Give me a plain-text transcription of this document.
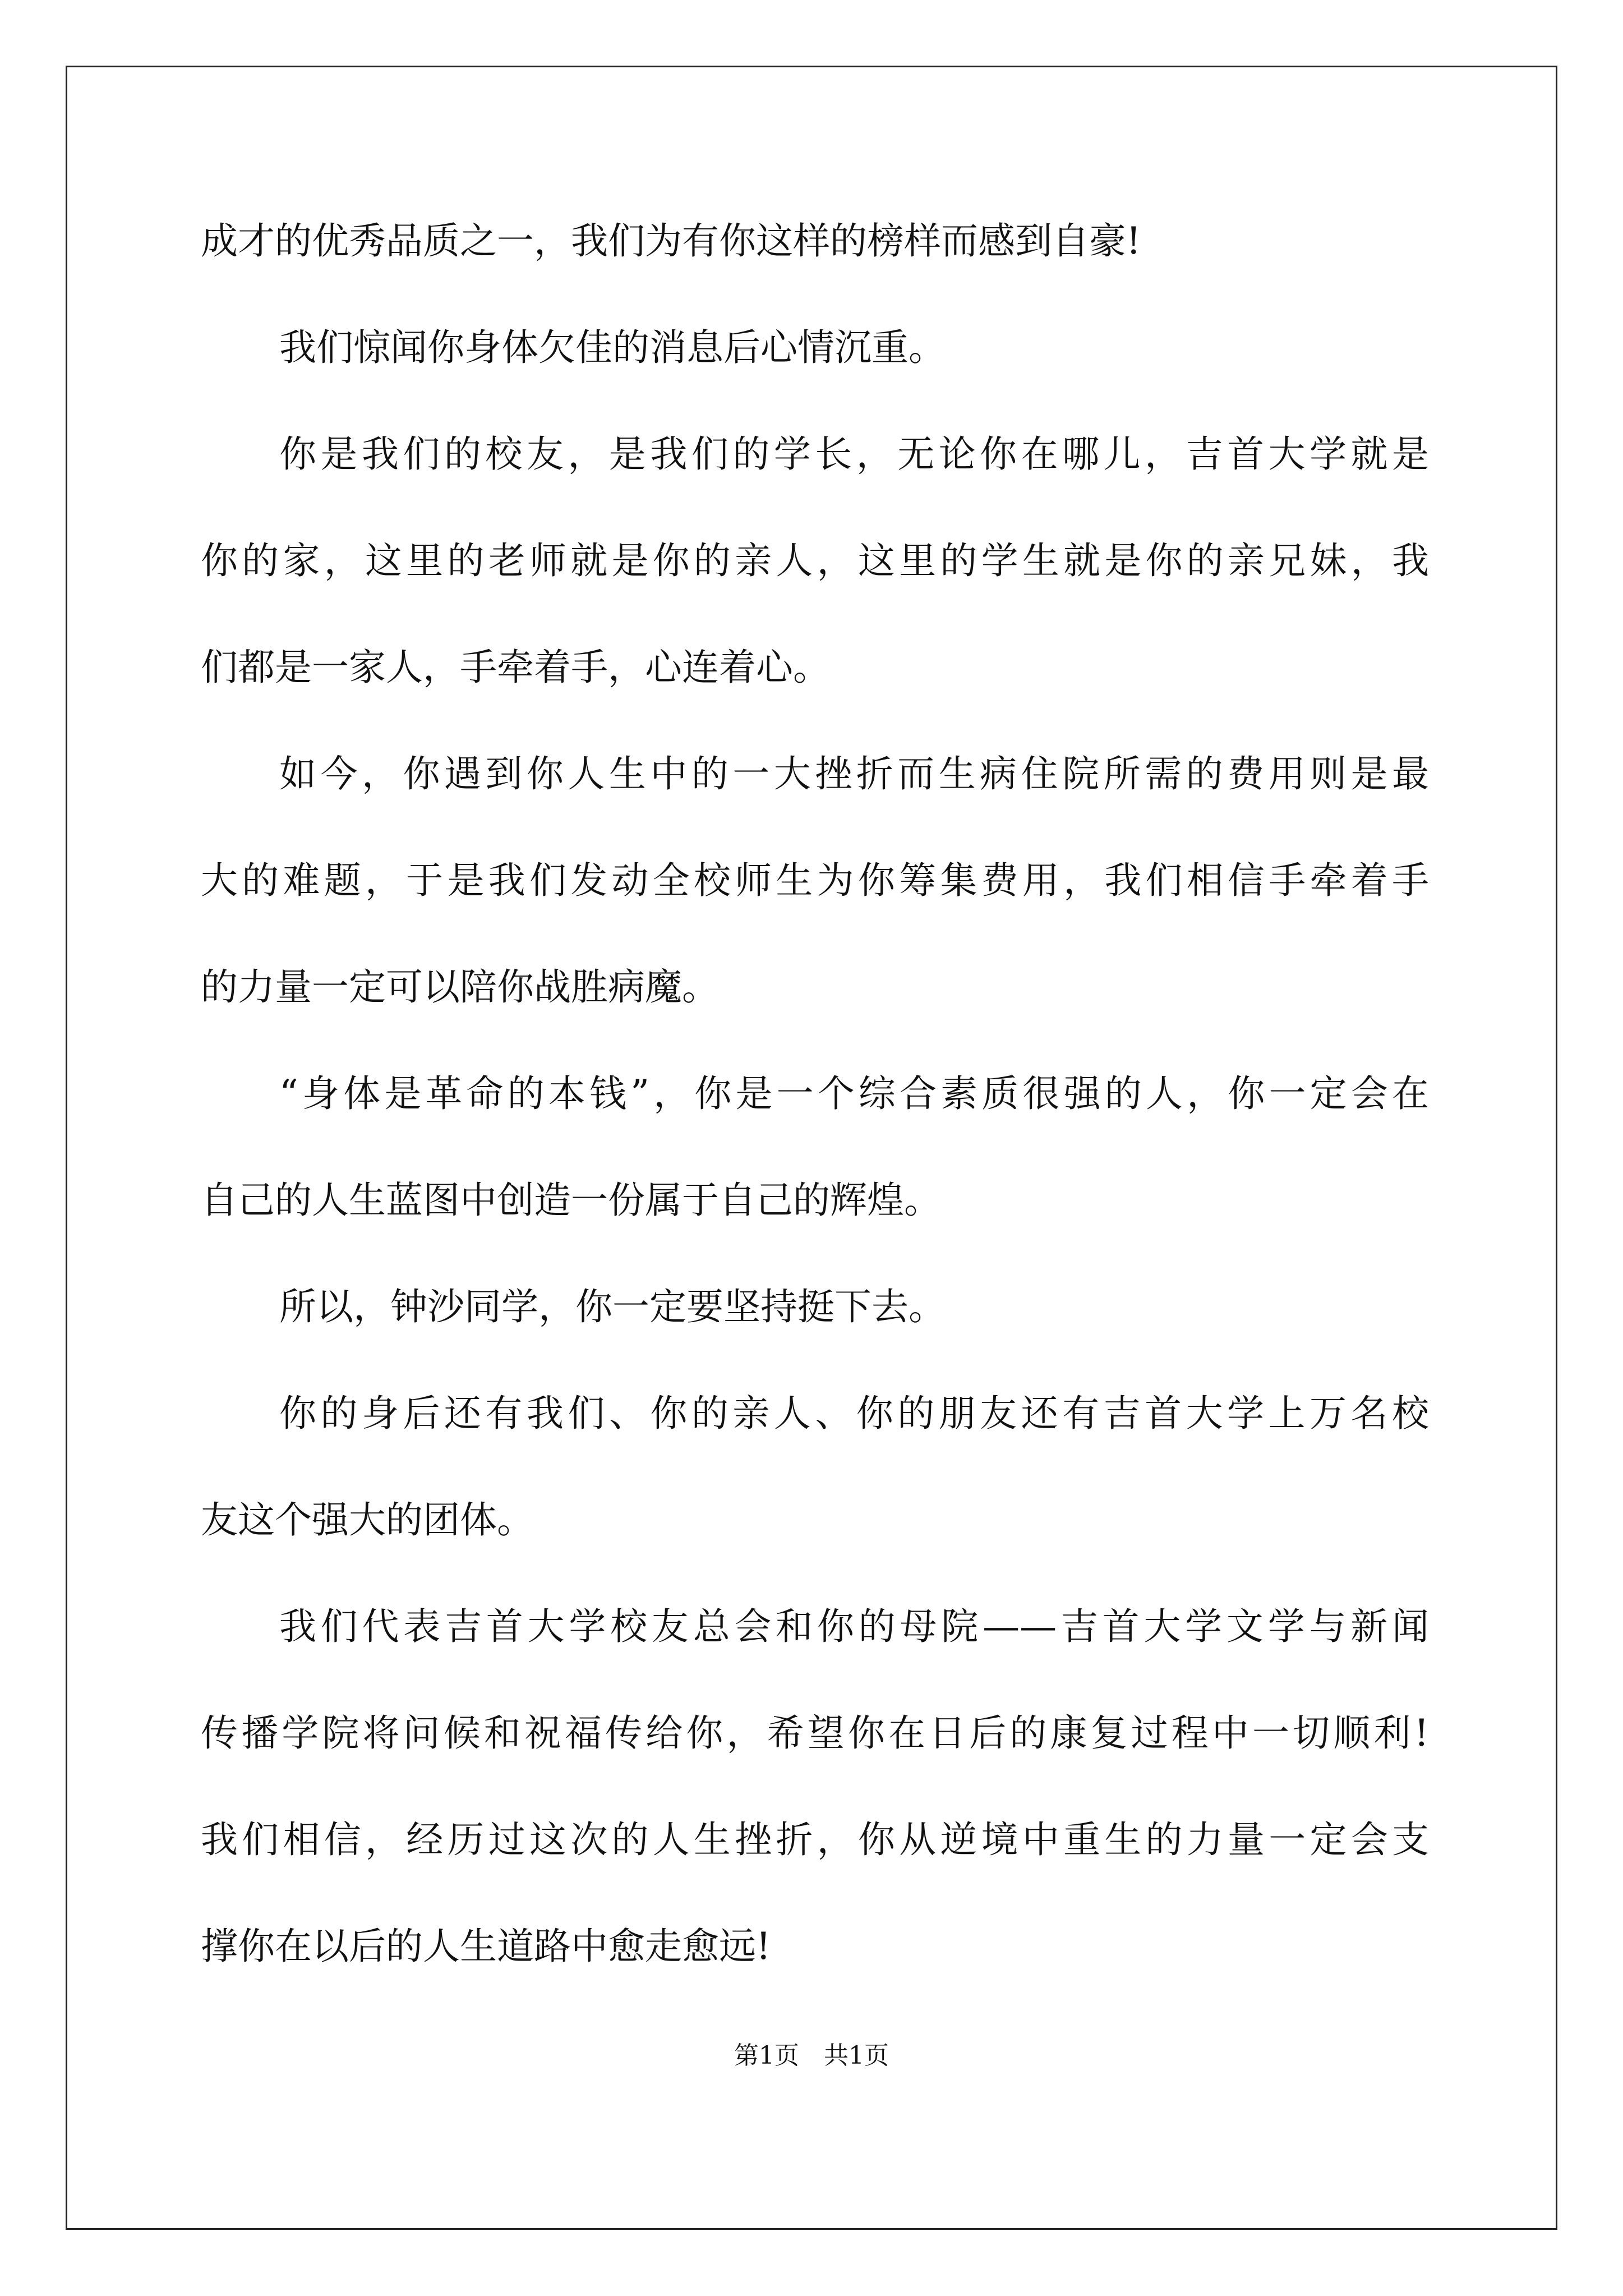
成才的优秀品质之一，我们为有你这样的榜样而感到自豪!
我们惊闻你身体欠佳的消息后心情沉重。
你是我们的校友，是我们的学长，无论你在哪儿，吉首大学就是
你的家，这里的老师就是你的亲人，这里的学生就是你的亲兄妹，我
们都是一家人，手牵着手，心连着心。
如今，你遇到你人生中的一大挫折而生病住院所需的费用则是最
大的难题，于是我们发动全校师生为你筹集费用，我们相信手牵着手
的力量一定可以陪你战胜病魔。
“身体是革命的本钱”，你是一个综合素质很强的人，你一定会在
自己的人生蓝图中创造一份属于自己的辉煌。
所以，钟沙同学，你一定要坚持挺下去。
你的身后还有我们、你的亲人、你的朋友还有吉首大学上万名校
友这个强大的团体。
我们代表吉首大学校友总会和你的母院——吉首大学文学与新闻
传播学院将问候和祝福传给你，希望你在日后的康复过程中一切顺利!
我们相信，经历过这次的人生挫折，你从逆境中重生的力量一定会支
撑你在以后的人生道路中愈走愈远!
第1页 共1页
